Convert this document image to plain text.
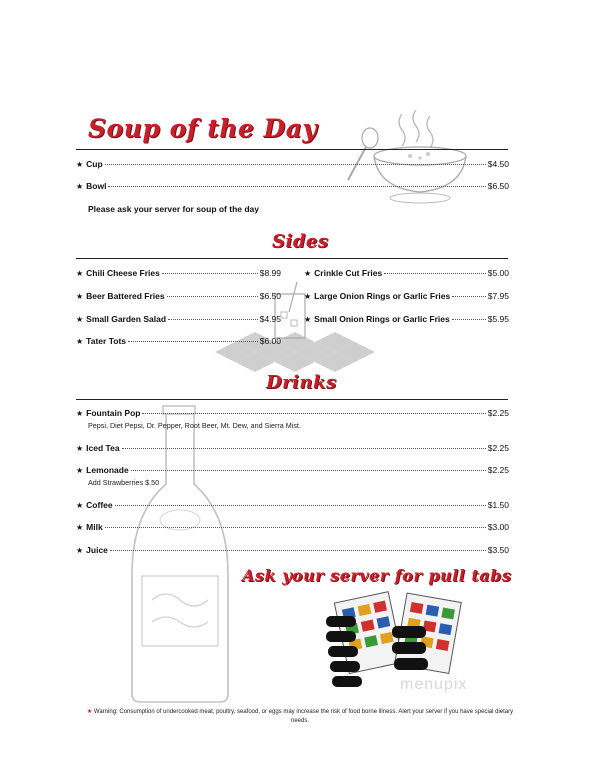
menupix
Soup of the Day
★ Cup	$4.50
★ Bowl	$6.50
Please ask your server for soup of the day
Sides
★ Chili Cheese Fries	$8.99
★ Beer Battered Fries	$6.50
★ Small Garden Salad	$4.95
★ Tater Tots	$6.00
★ Crinkle Cut Fries	$5.00
★ Large Onion Rings or Garlic Fries	$7.95
★ Small Onion Rings or Garlic Fries	$5.95
Drinks
★ Fountain Pop	$2.25
Pepsi, Diet Pepsi, Dr. Pepper, Root Beer, Mt. Dew, and Sierra Mist.
★ Iced Tea	$2.25
★ Lemonade	$2.25
Add Strawberries $.50
★ Coffee	$1.50
★ Milk	$3.00
★ Juice	$3.50
Ask your server for pull tabs
★ Warning: Consumption of undercooked meat, poultry, seafood, or eggs may increase the risk of food borne illness. Alert your server if you have special dietary needs.
